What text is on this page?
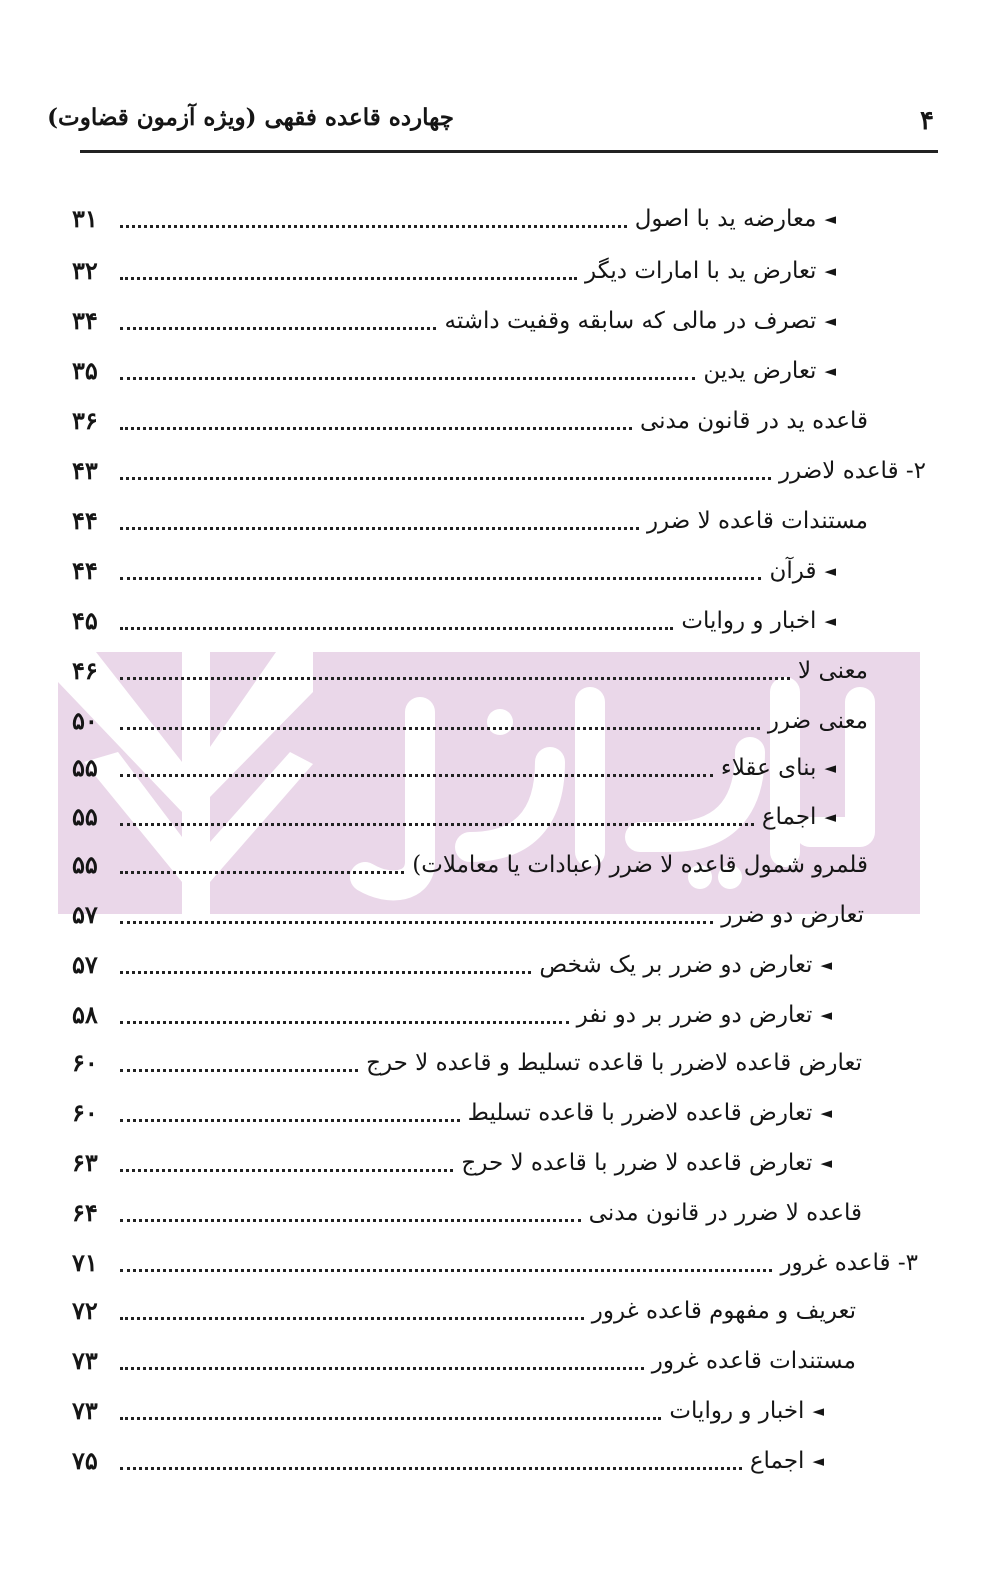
چهارده قاعده فقهی (ویژه آزمون قضاوت)	۴
۳۱	معارضه ید با اصول ◄
۳۲	تعارض ید با امارات دیگر ◄
۳۴	تصرف در مالی که سابقه وقفیت داشته ◄
۳۵	تعارض یدین ◄
۳۶	قاعده ید در قانون مدنی
۴۳	۲- قاعده لاضرر
۴۴	مستندات قاعده لا ضرر
۴۴	قرآن ◄
۴۵	اخبار و روایات ◄
۴۶	معنی لا
۵۰	معنی ضرر
۵۵	بنای عقلاء ◄
۵۵	اجماع ◄
۵۵	قلمرو شمول قاعده لا ضرر (عبادات یا معاملات)
۵۷	تعارض دو ضرر
۵۷	تعارض دو ضرر بر یک شخص ◄
۵۸	تعارض دو ضرر بر دو نفر ◄
۶۰	تعارض قاعده لاضرر با قاعده تسلیط و قاعده لا حرج
۶۰	تعارض قاعده لاضرر با قاعده تسلیط ◄
۶۳	تعارض قاعده لا ضرر با قاعده لا حرج ◄
۶۴	قاعده لا ضرر در قانون مدنی
۷۱	۳- قاعده غرور
۷۲	تعریف و مفهوم قاعده غرور
۷۳	مستندات قاعده غرور
۷۳	اخبار و روایات ◄
۷۵	اجماع ◄
